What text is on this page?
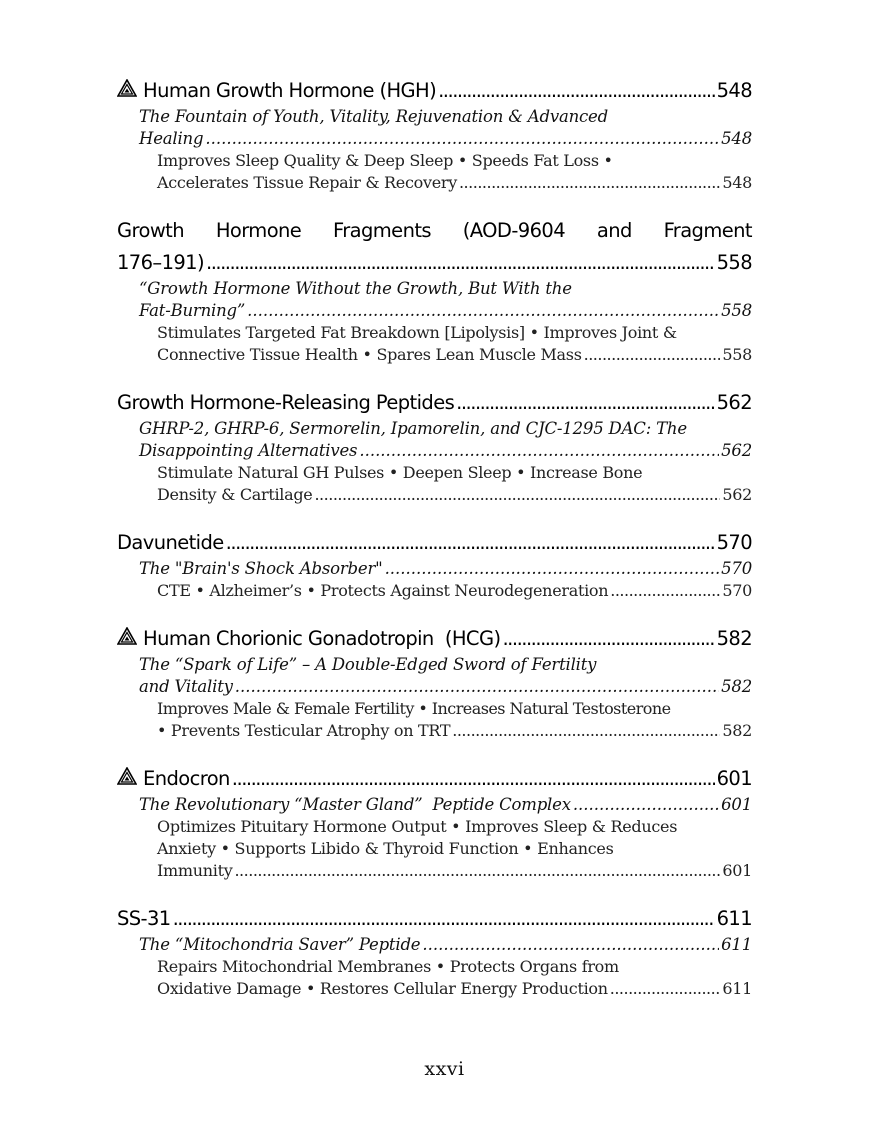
Human Growth Hormone (HGH) .....	548
The Fountain of Youth, Vitality, Rejuvenation & Advanced
Healing .....	548
Improves Sleep Quality & Deep Sleep • Speeds Fat Loss •
Accelerates Tissue Repair & Recovery .....	548
Growth Hormone Fragments (AOD-9604 and Fragment
176–191) .....	558
“Growth Hormone Without the Growth, But With the
Fat-Burning” .....	558
Stimulates Targeted Fat Breakdown [Lipolysis] • Improves Joint &
Connective Tissue Health • Spares Lean Muscle Mass .....	558
Growth Hormone-Releasing Peptides .....	562
GHRP-2, GHRP-6, Sermorelin, Ipamorelin, and CJC-1295 DAC: The
Disappointing Alternatives .....	562
Stimulate Natural GH Pulses • Deepen Sleep • Increase Bone
Density & Cartilage .....	562
Davunetide .....	570
The "Brain's Shock Absorber" .....	570
CTE • Alzheimer’s • Protects Against Neurodegeneration .....	570
Human Chorionic Gonadotropin  (HCG) .....	582
The “Spark of Life” – A Double-Edged Sword of Fertility
and Vitality .....	582
Improves Male & Female Fertility • Increases Natural Testosterone
• Prevents Testicular Atrophy on TRT .....	582
Endocron .....	601
The Revolutionary “Master Gland”  Peptide Complex .....	601
Optimizes Pituitary Hormone Output • Improves Sleep & Reduces
Anxiety • Supports Libido & Thyroid Function • Enhances
Immunity .....	601
SS-31 .....	611
The “Mitochondria Saver” Peptide .....	611
Repairs Mitochondrial Membranes • Protects Organs from
Oxidative Damage • Restores Cellular Energy Production .....	611
xxvi
